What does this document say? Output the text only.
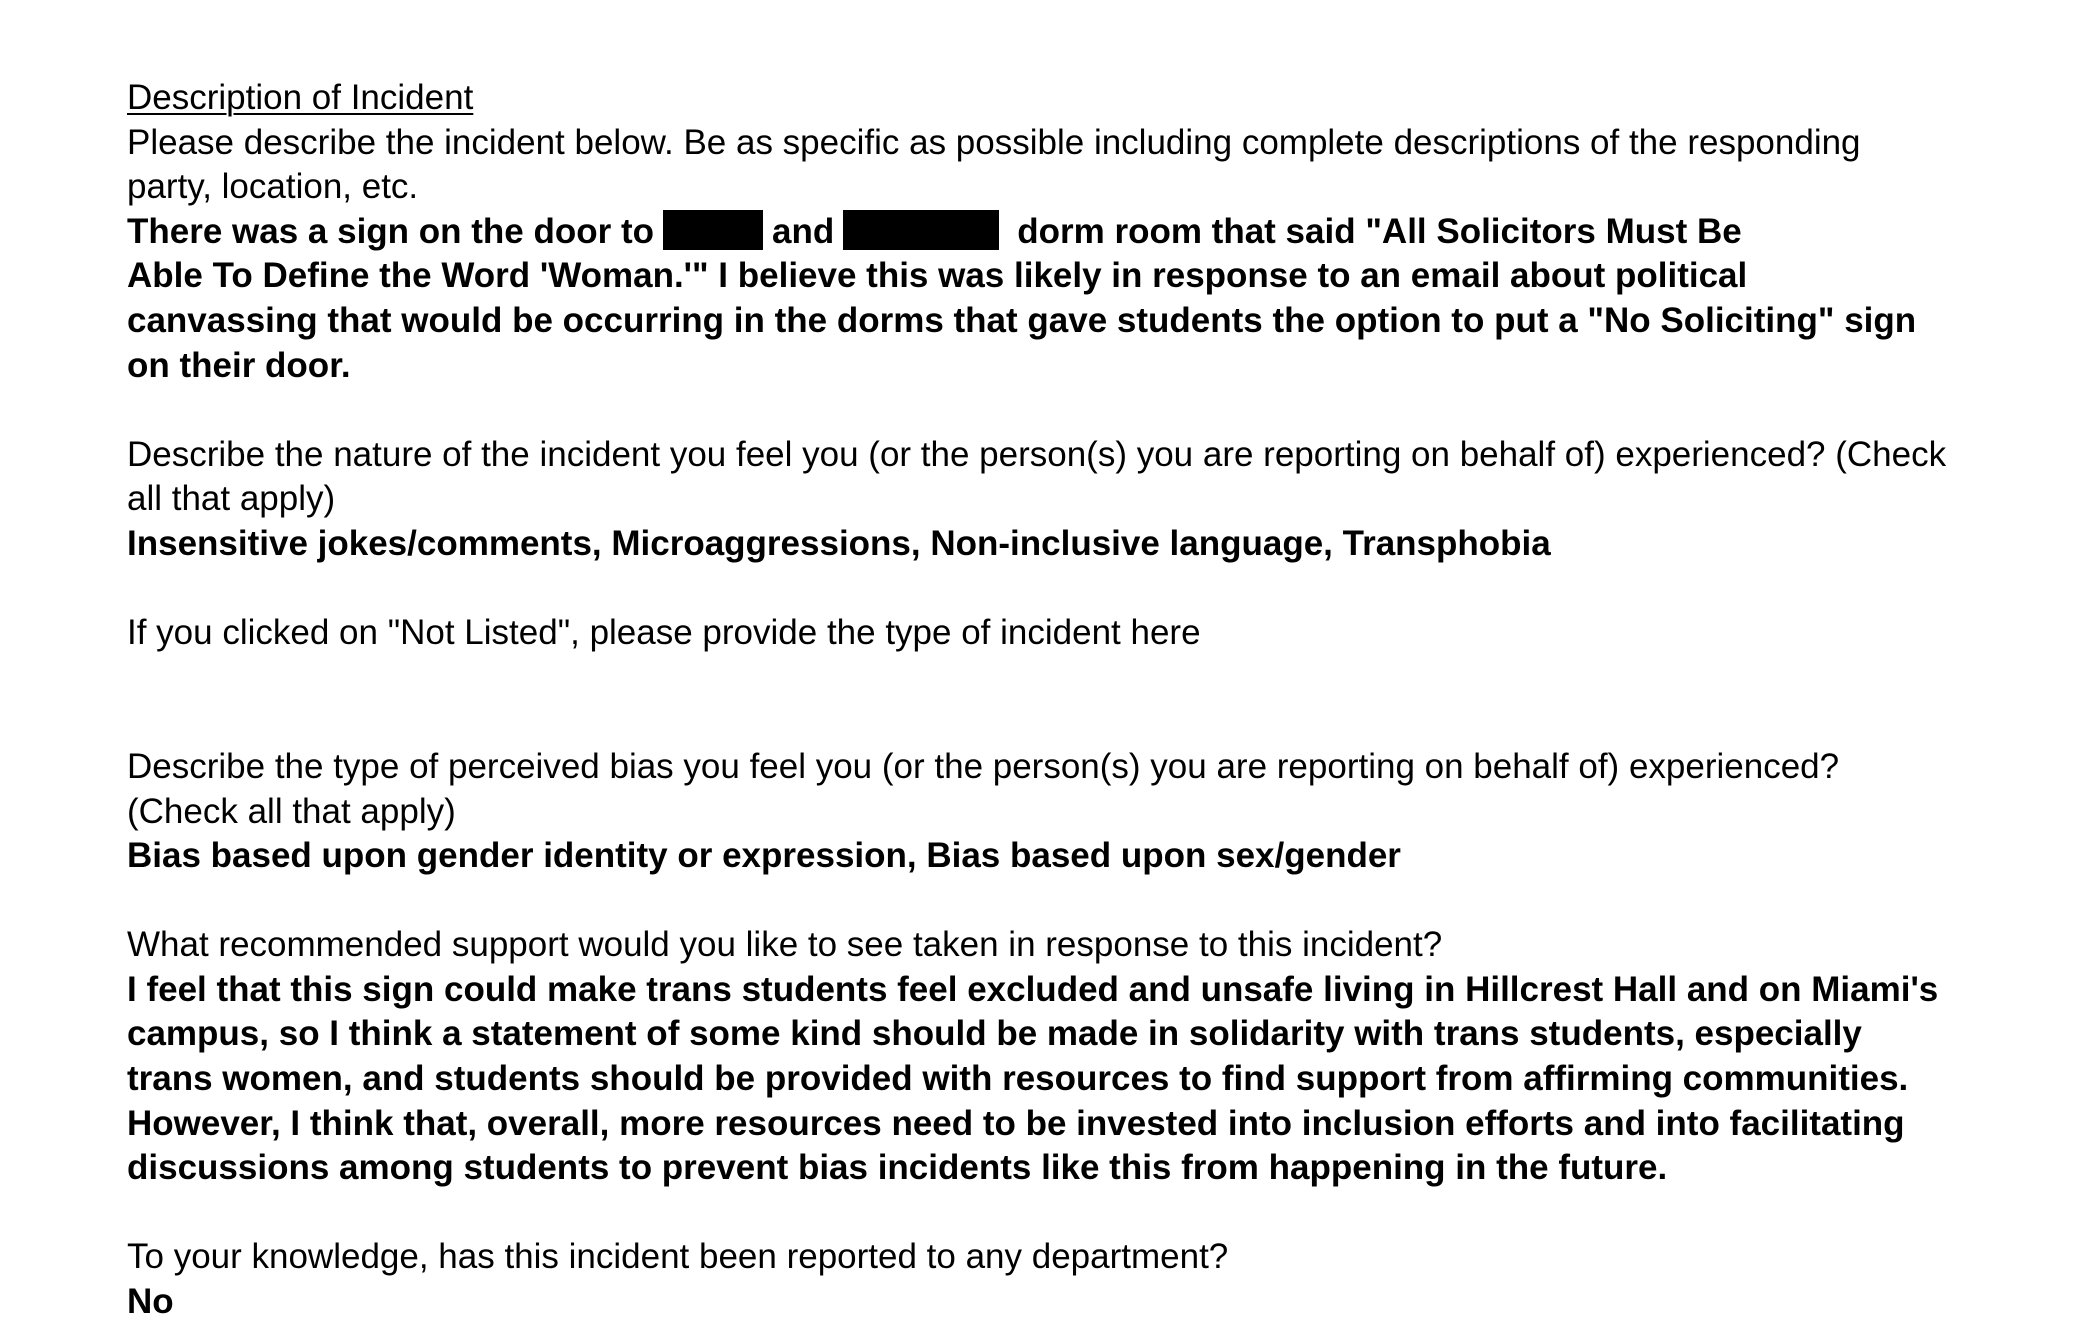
Description of Incident
Please describe the incident below. Be as specific as possible including complete descriptions of the responding
party, location, etc.
There was a sign on the door to	and	dorm room that said "All Solicitors Must Be
Able To Define the Word 'Woman.'" I believe this was likely in response to an email about political
canvassing that would be occurring in the dorms that gave students the option to put a "No Soliciting" sign
on their door.
Describe the nature of the incident you feel you (or the person(s) you are reporting on behalf of) experienced? (Check
all that apply)
Insensitive jokes/comments, Microaggressions, Non-inclusive language, Transphobia
If you clicked on "Not Listed", please provide the type of incident here
Describe the type of perceived bias you feel you (or the person(s) you are reporting on behalf of) experienced?
(Check all that apply)
Bias based upon gender identity or expression, Bias based upon sex/gender
What recommended support would you like to see taken in response to this incident?
I feel that this sign could make trans students feel excluded and unsafe living in Hillcrest Hall and on Miami's
campus, so I think a statement of some kind should be made in solidarity with trans students, especially
trans women, and students should be provided with resources to find support from affirming communities.
However, I think that, overall, more resources need to be invested into inclusion efforts and into facilitating
discussions among students to prevent bias incidents like this from happening in the future.
To your knowledge, has this incident been reported to any department?
No
